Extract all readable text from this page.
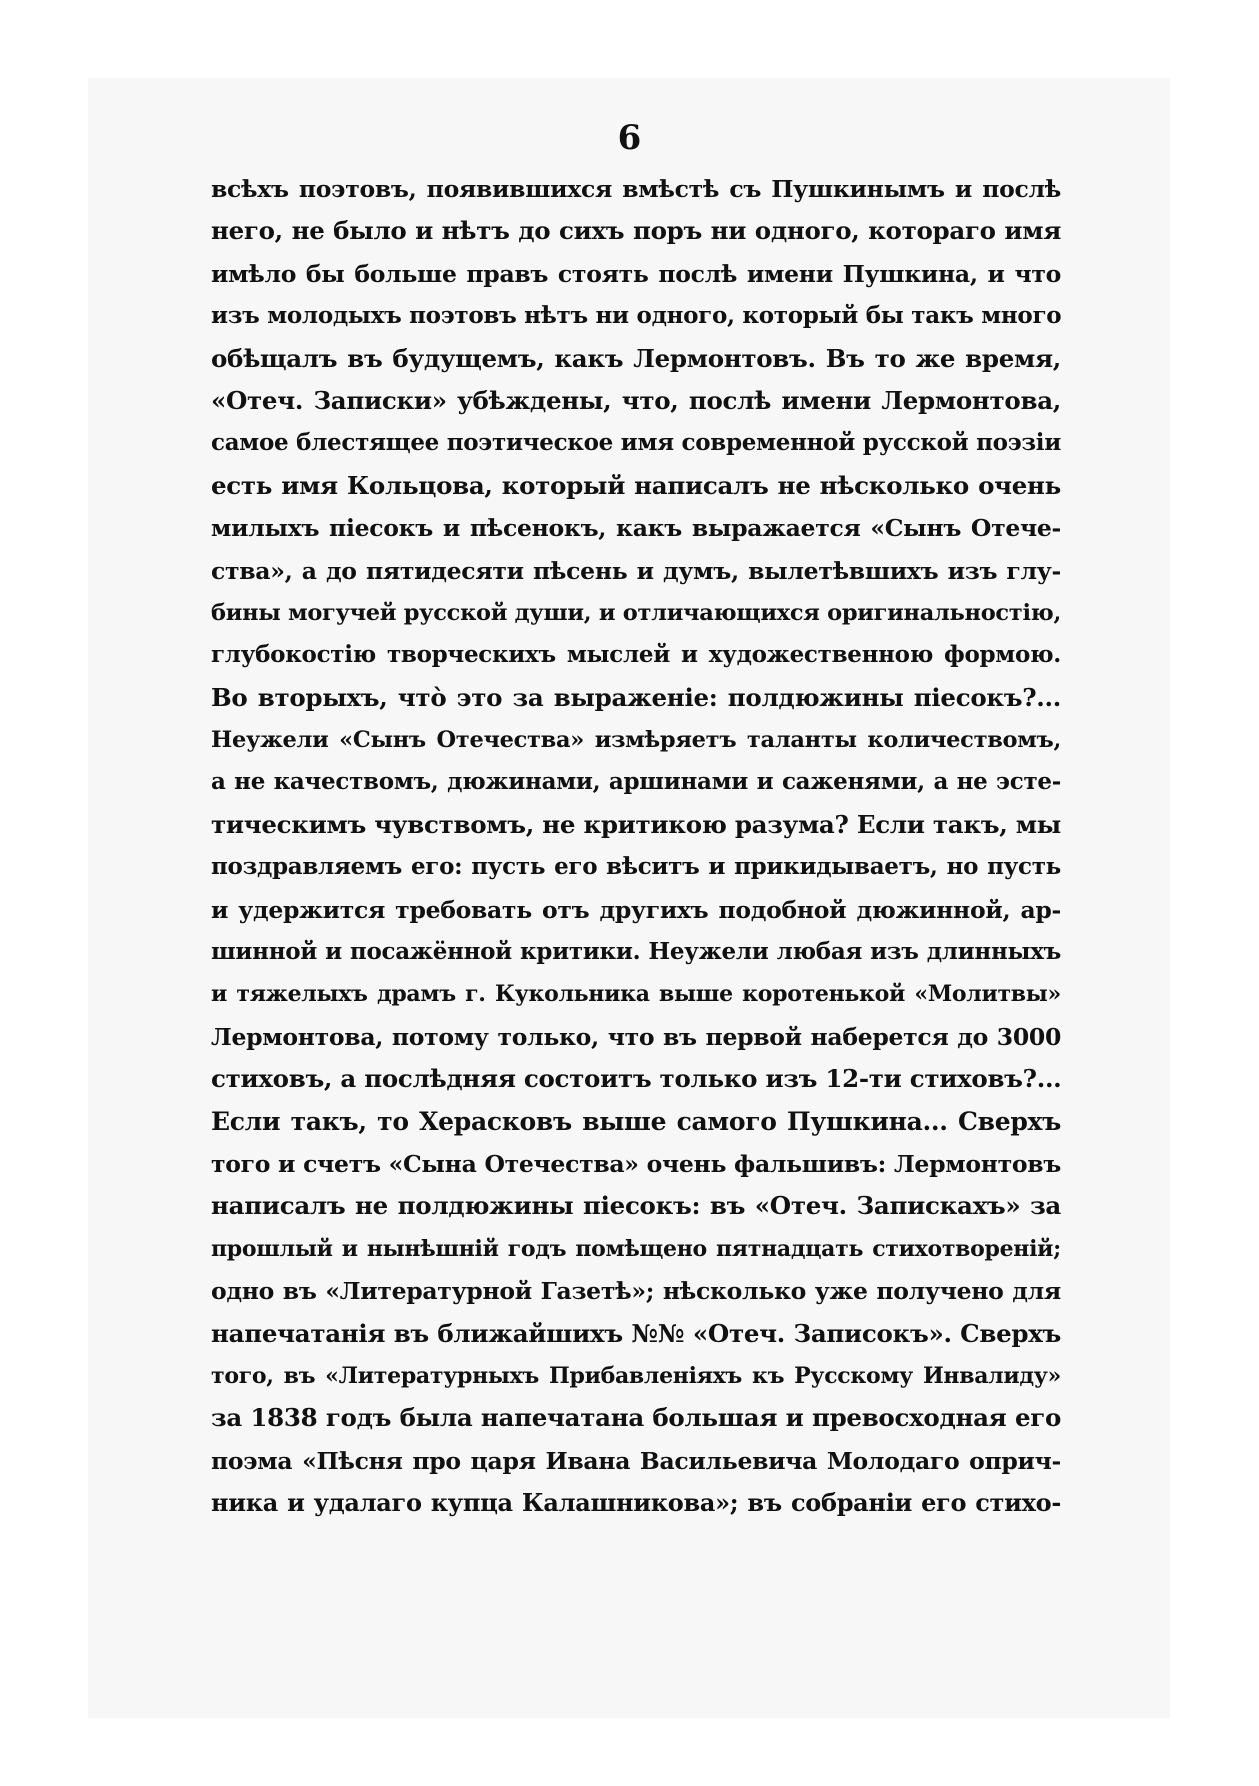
6
всѣхъ поэтовъ, появившихся вмѣстѣ съ Пушкинымъ и послѣ
него, не было и нѣтъ до сихъ поръ ни одного, котораго имя
имѣло бы больше правъ стоять послѣ имени Пушкина, и что
изъ молодыхъ поэтовъ нѣтъ ни одного, который бы такъ много
обѣщалъ въ будущемъ, какъ Лермонтовъ. Въ то же время,
«Отеч. Записки» убѣждены, что, послѣ имени Лермонтова,
самое блестящее поэтическое имя современной русской поэзіи
есть имя Кольцова, который написалъ не нѣсколько очень
милыхъ піесокъ и пѣсенокъ, какъ выражается «Сынъ Отече-
ства», а до пятидесяти пѣсень и думъ, вылетѣвшихъ изъ глу-
бины могучей русской души, и отличающихся оригинальностію,
глубокостію творческихъ мыслей и художественною формою.
Во вторыхъ, что̀ это за выраженіе: полдюжины піесокъ?...
Неужели «Сынъ Отечества» измѣряетъ таланты количествомъ,
а не качествомъ, дюжинами, аршинами и саженями, а не эсте-
тическимъ чувствомъ, не критикою разума? Если такъ, мы
поздравляемъ его: пусть его вѣситъ и прикидываетъ, но пусть
и удержится требовать отъ другихъ подобной дюжинной, ар-
шинной и посажённой критики. Неужели любая изъ длинныхъ
и тяжелыхъ драмъ г. Кукольника выше коротенькой «Молитвы»
Лермонтова, потому только, что въ первой наберется до 3000
стиховъ, а послѣдняя состоитъ только изъ 12-ти стиховъ?...
Если такъ, то Херасковъ выше самого Пушкина... Сверхъ
того и счетъ «Сына Отечества» очень фальшивъ: Лермонтовъ
написалъ не полдюжины піесокъ: въ «Отеч. Запискахъ» за
прошлый и нынѣшній годъ помѣщено пятнадцать стихотвореній;
одно въ «Литературной Газетѣ»; нѣсколько уже получено для
напечатанія въ ближайшихъ №№ «Отеч. Записокъ». Сверхъ
того, въ «Литературныхъ Прибавленіяхъ къ Русскому Инвалиду»
за 1838 годъ была напечатана большая и превосходная его
поэма «Пѣсня про царя Ивана Васильевича Молодаго оприч-
ника и удалаго купца Калашникова»; въ собраніи его стихо-
